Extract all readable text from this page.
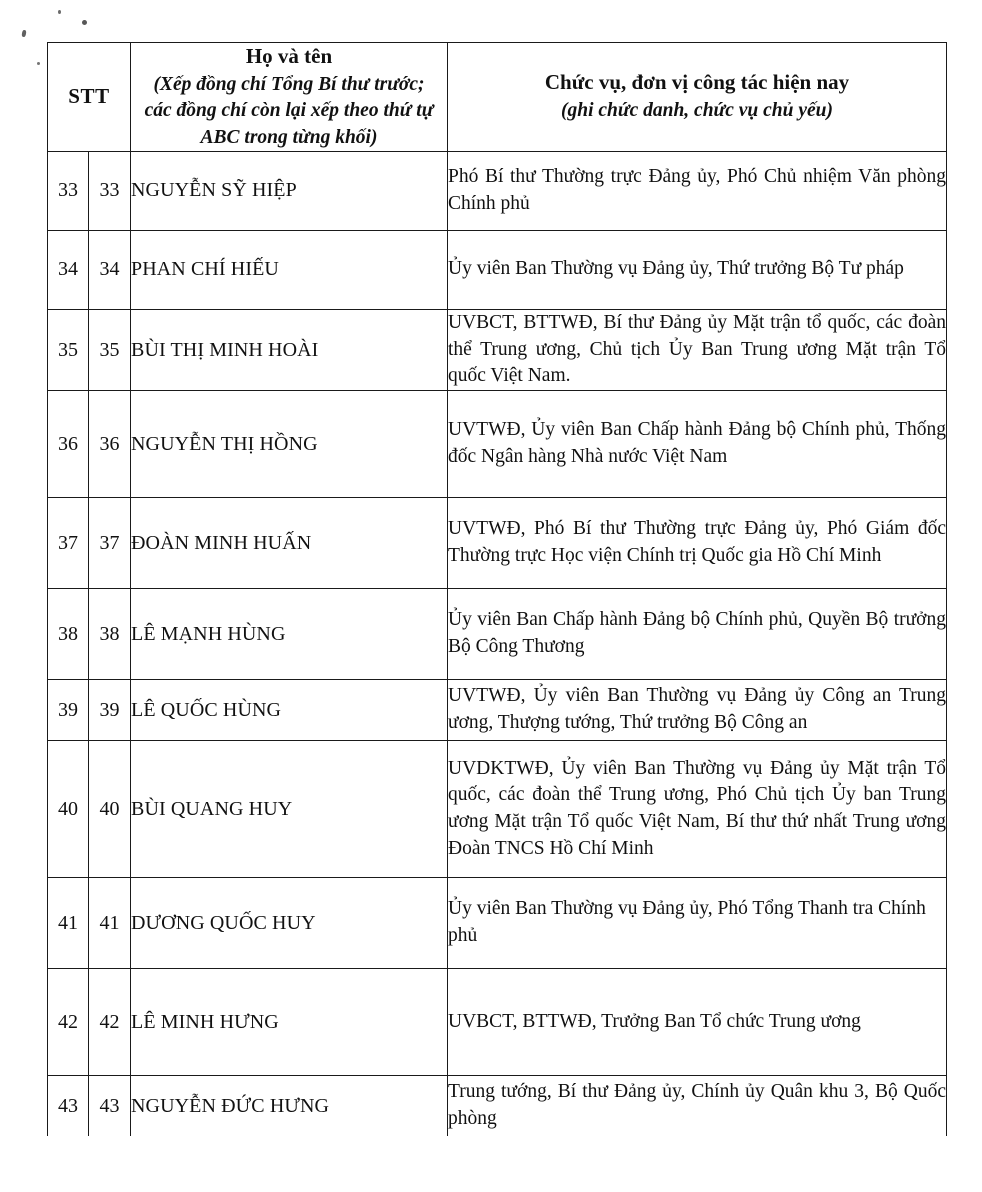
STT		Họ và tên
(Xếp đồng chí Tổng Bí thư trước;
các đồng chí còn lại xếp theo thứ tự
ABC trong từng khối)	Chức vụ, đơn vị công tác hiện nay
(ghi chức danh, chức vụ chủ yếu)

33	33	NGUYỄN SỸ HIỆP	Phó Bí thư Thường trực Đảng ủy, Phó Chủ nhiệm Văn phòng Chính phủ
34	34	PHAN CHÍ HIẾU	Ủy viên Ban Thường vụ Đảng ủy, Thứ trưởng Bộ Tư pháp
35	35	BÙI THỊ MINH HOÀI	UVBCT, BTTWĐ, Bí thư Đảng ủy Mặt trận tổ quốc, các đoàn thể Trung ương, Chủ tịch Ủy Ban Trung ương Mặt trận Tổ quốc Việt Nam.
36	36	NGUYỄN THỊ HỒNG	UVTWĐ, Ủy viên Ban Chấp hành Đảng bộ Chính phủ, Thống đốc Ngân hàng Nhà nước Việt Nam
37	37	ĐOÀN MINH HUẤN	UVTWĐ, Phó Bí thư Thường trực Đảng ủy, Phó Giám đốc Thường trực Học viện Chính trị Quốc gia Hồ Chí Minh
38	38	LÊ MẠNH HÙNG	Ủy viên Ban Chấp hành Đảng bộ Chính phủ, Quyền Bộ trưởng Bộ Công Thương
39	39	LÊ QUỐC HÙNG	UVTWĐ, Ủy viên Ban Thường vụ Đảng ủy Công an Trung ương, Thượng tướng, Thứ trưởng Bộ Công an
40	40	BÙI QUANG HUY	UVDKTWĐ, Ủy viên Ban Thường vụ Đảng ủy Mặt trận Tổ quốc, các đoàn thể Trung ương, Phó Chủ tịch Ủy ban Trung ương Mặt trận Tổ quốc Việt Nam, Bí thư thứ nhất Trung ương Đoàn TNCS Hồ Chí Minh
41	41	DƯƠNG QUỐC HUY	Ủy viên Ban Thường vụ Đảng ủy, Phó Tổng Thanh tra Chính phủ
42	42	LÊ MINH HƯNG	UVBCT, BTTWĐ, Trưởng Ban Tổ chức Trung ương
43	43	NGUYỄN ĐỨC HƯNG	Trung tướng, Bí thư Đảng ủy, Chính ủy Quân khu 3, Bộ Quốc phòng
